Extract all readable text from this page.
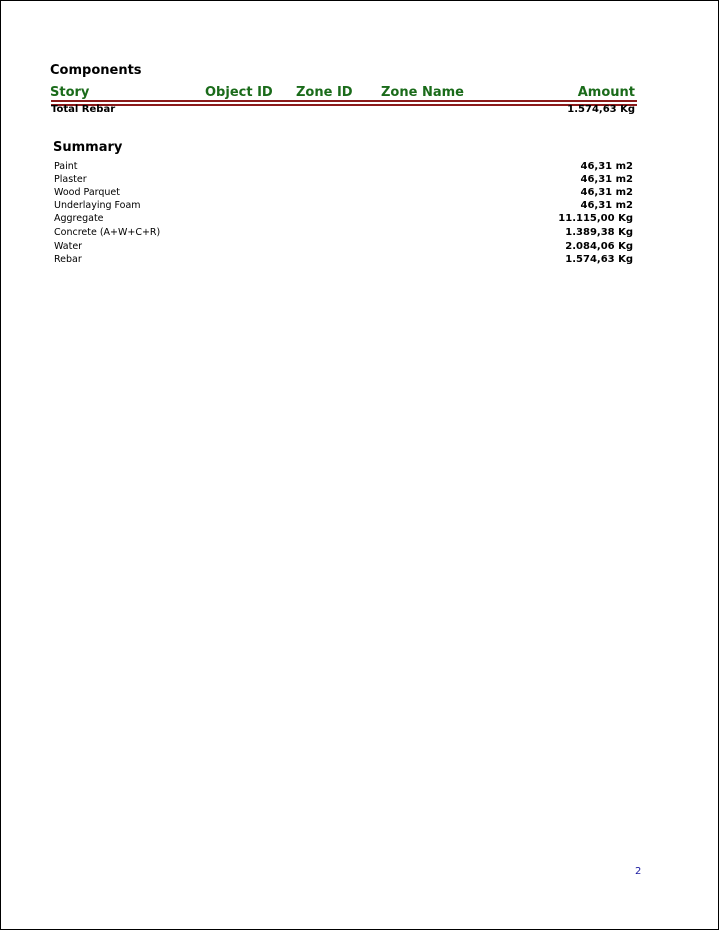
Components
Story	Object ID Zone ID Zone Name	Amount
Total Rebar	1.574,63 Kg
Summary
Paint	46,31 m2
Plaster	46,31 m2
Wood Parquet	46,31 m2
Underlaying Foam	46,31 m2
Aggregate	11.115,00 Kg
Concrete (A+W+C+R)	1.389,38 Kg
Water	2.084,06 Kg
Rebar	1.574,63 Kg
2
